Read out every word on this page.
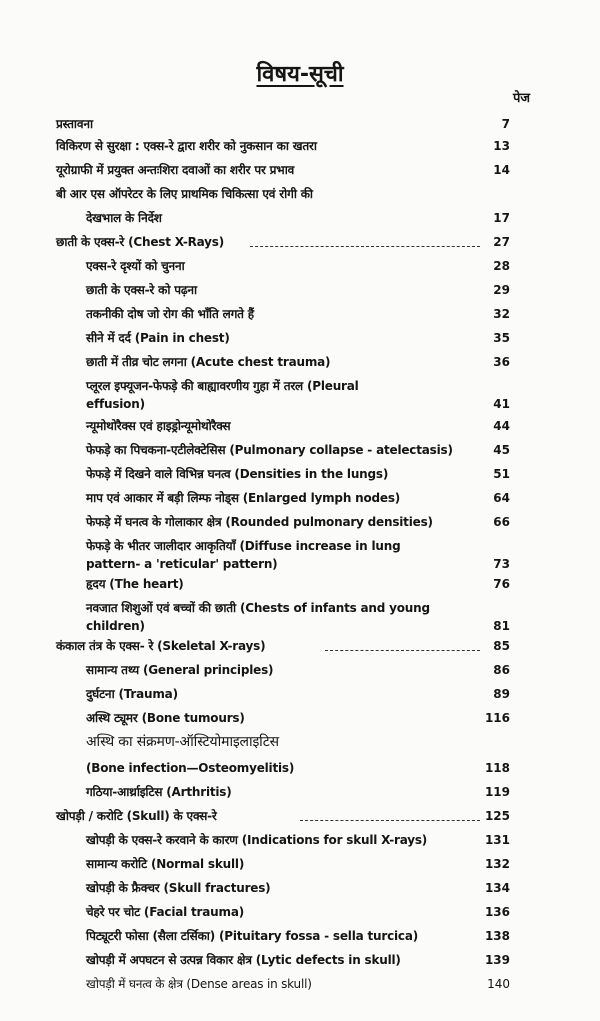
विषय-सूची
पेज
प्रस्तावना	7
विकिरण से सुरक्षा : एक्स-रे द्वारा शरीर को नुकसान का खतरा	13
यूरोग्राफी में प्रयुक्त अन्तःशिरा दवाओं का शरीर पर प्रभाव	14
बी आर एस ऑपरेटर के लिए प्राथमिक चिकित्सा एवं रोगी की
देखभाल के निर्देश	17
छाती के एक्स-रे (Chest X-Rays)	27
एक्स-रे दृश्यों को चुनना	28
छाती के एक्स-रे को पढ़ना	29
तकनीकी दोष जो रोग की भाँति लगते हैं	32
सीने में दर्द (Pain in chest)	35
छाती में तीव्र चोट लगना (Acute chest trauma)	36
प्लूरल इफ्यूजन-फेफड़े की बाह्यावरणीय गुहा में तरल (Pleural
effusion)	41
न्यूमोथोरैक्स एवं हाइड्रोन्यूमोथोरैक्स	44
फेफड़े का पिचकना-एटीलेक्टेसिस (Pulmonary collapse - atelectasis)	45
फेफड़े में दिखने वाले विभिन्न घनत्व (Densities in the lungs)	51
माप एवं आकार में बड़ी लिम्फ नोड्स (Enlarged lymph nodes)	64
फेफड़े में घनत्व के गोलाकार क्षेत्र (Rounded pulmonary densities)	66
फेफड़े के भीतर जालीदार आकृतियाँ (Diffuse increase in lung
pattern- a 'reticular' pattern)	73
हृदय (The heart)	76
नवजात शिशुओं एवं बच्चों की छाती (Chests of infants and young
children)	81
कंकाल तंत्र के एक्स- रे (Skeletal X-rays)	85
सामान्य तथ्य (General principles)	86
दुर्घटना (Trauma)	89
अस्थि ट्यूमर (Bone tumours)	116
अस्थि का संक्रमण-ऑस्टियोमाइलाइटिस
(Bone infection—Osteomyelitis)	118
गठिया-आर्थ्राइटिस (Arthritis)	119
खोपड़ी / करोटि (Skull) के एक्स-रे	125
खोपड़ी के एक्स-रे करवाने के कारण (Indications for skull X-rays)	131
सामान्य करोटि (Normal skull)	132
खोपड़ी के फ्रैक्चर (Skull fractures)	134
चेहरे पर चोट (Facial trauma)	136
पिट्यूटरी फोसा (सैला टर्सिका) (Pituitary fossa - sella turcica)	138
खोपड़ी में अपघटन से उत्पन्न विकार क्षेत्र (Lytic defects in skull)	139
खोपड़ी में घनत्व के क्षेत्र (Dense areas in skull)	140
